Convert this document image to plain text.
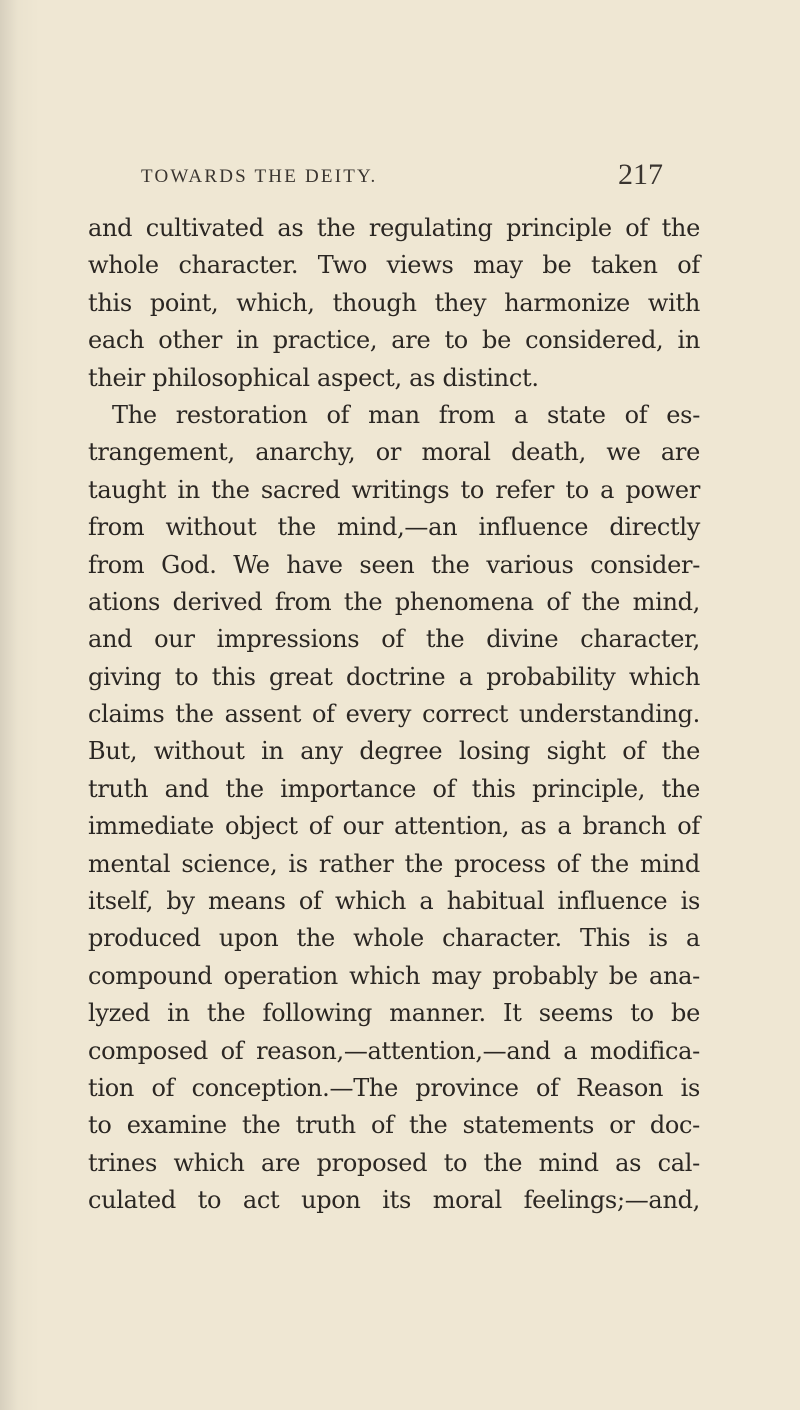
TOWARDS THE DEITY.	217
and cultivated as the regulating principle of the
whole character. Two views may be taken of
this point, which, though they harmonize with
each other in practice, are to be considered, in
their philosophical aspect, as distinct.
The restoration of man from a state of es-
trangement, anarchy, or moral death, we are
taught in the sacred writings to refer to a power
from without the mind,—an influence directly
from God. We have seen the various consider-
ations derived from the phenomena of the mind,
and our impressions of the divine character,
giving to this great doctrine a probability which
claims the assent of every correct understanding.
But, without in any degree losing sight of the
truth and the importance of this principle, the
immediate object of our attention, as a branch of
mental science, is rather the process of the mind
itself, by means of which a habitual influence is
produced upon the whole character. This is a
compound operation which may probably be ana-
lyzed in the following manner. It seems to be
composed of reason,—attention,—and a modifica-
tion of conception.—The province of Reason is
to examine the truth of the statements or doc-
trines which are proposed to the mind as cal-
culated to act upon its moral feelings;—and,
